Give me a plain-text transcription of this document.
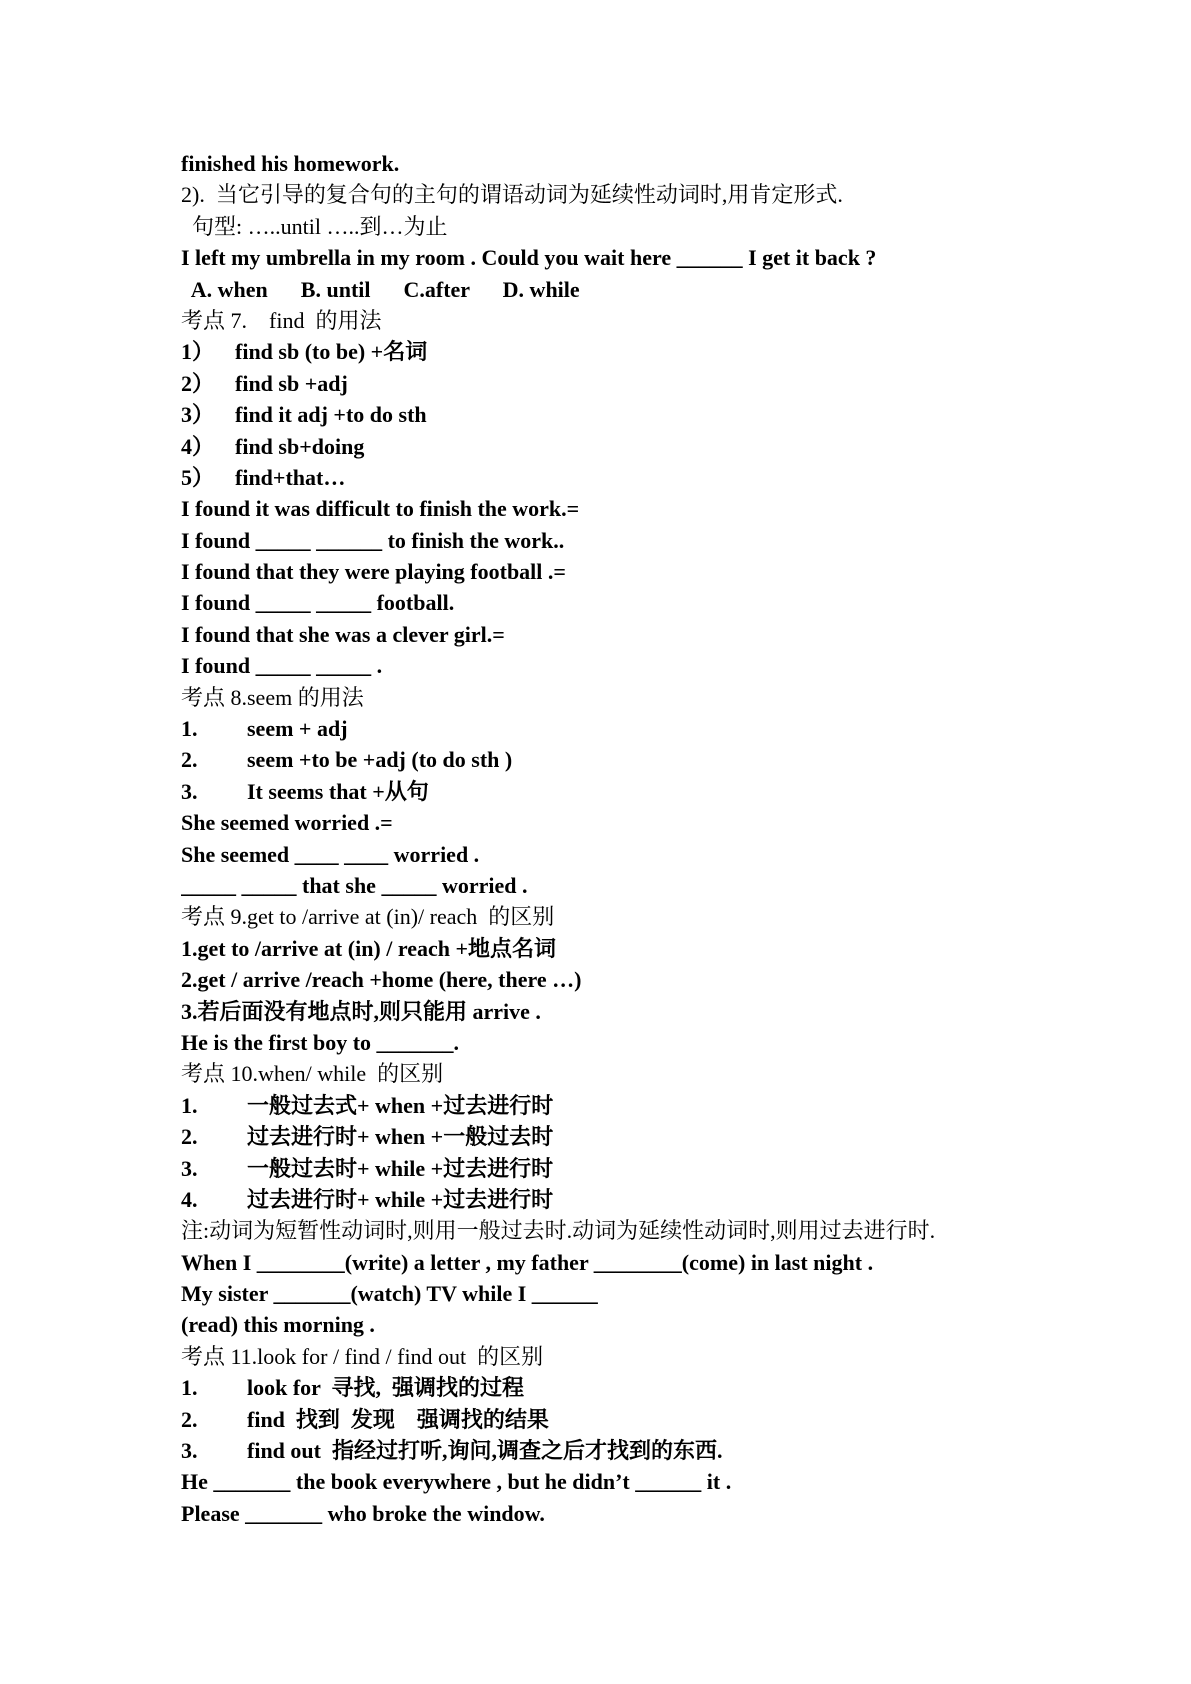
finished his homework.
2).  当它引导的复合句的主句的谓语动词为延续性动词时,用肯定形式.
句型: …..until …..到…为止
I left my umbrella in my room . Could you wait here ______ I get it back ?
A. when      B. until      C.after      D. while
考点 7.    find  的用法
1） find sb (to be) +名词
2） find sb +adj
3） find it adj +to do sth
4） find sb+doing
5） find+that…
I found it was difficult to finish the work.=
I found _____ ______ to finish the work..
I found that they were playing football .=
I found _____ _____ football.
I found that she was a clever girl.=
I found _____ _____ .
考点 8.seem 的用法
1. seem + adj
2. seem +to be +adj (to do sth )
3. It seems that +从句
She seemed worried .=
She seemed ____ ____ worried .
_____ _____ that she _____ worried .
考点 9.get to /arrive at (in)/ reach  的区别
1.get to /arrive at (in) / reach +地点名词
2.get / arrive /reach +home (here, there …)
3.若后面没有地点时,则只能用 arrive .
He is the first boy to _______.
考点 10.when/ while  的区别
1. 一般过去式+ when +过去进行时
2. 过去进行时+ when +一般过去时
3. 一般过去时+ while +过去进行时
4. 过去进行时+ while +过去进行时
注:动词为短暂性动词时,则用一般过去时.动词为延续性动词时,则用过去进行时.
When I ________(write) a letter , my father ________(come) in last night .
My sister _______(watch) TV while I ______
(read) this morning .
考点 11.look for / find / find out  的区别
1. look for  寻找,  强调找的过程
2. find  找到  发现    强调找的结果
3. find out  指经过打听,询问,调查之后才找到的东西.
He _______ the book everywhere , but he didn’t ______ it .
Please _______ who broke the window.
